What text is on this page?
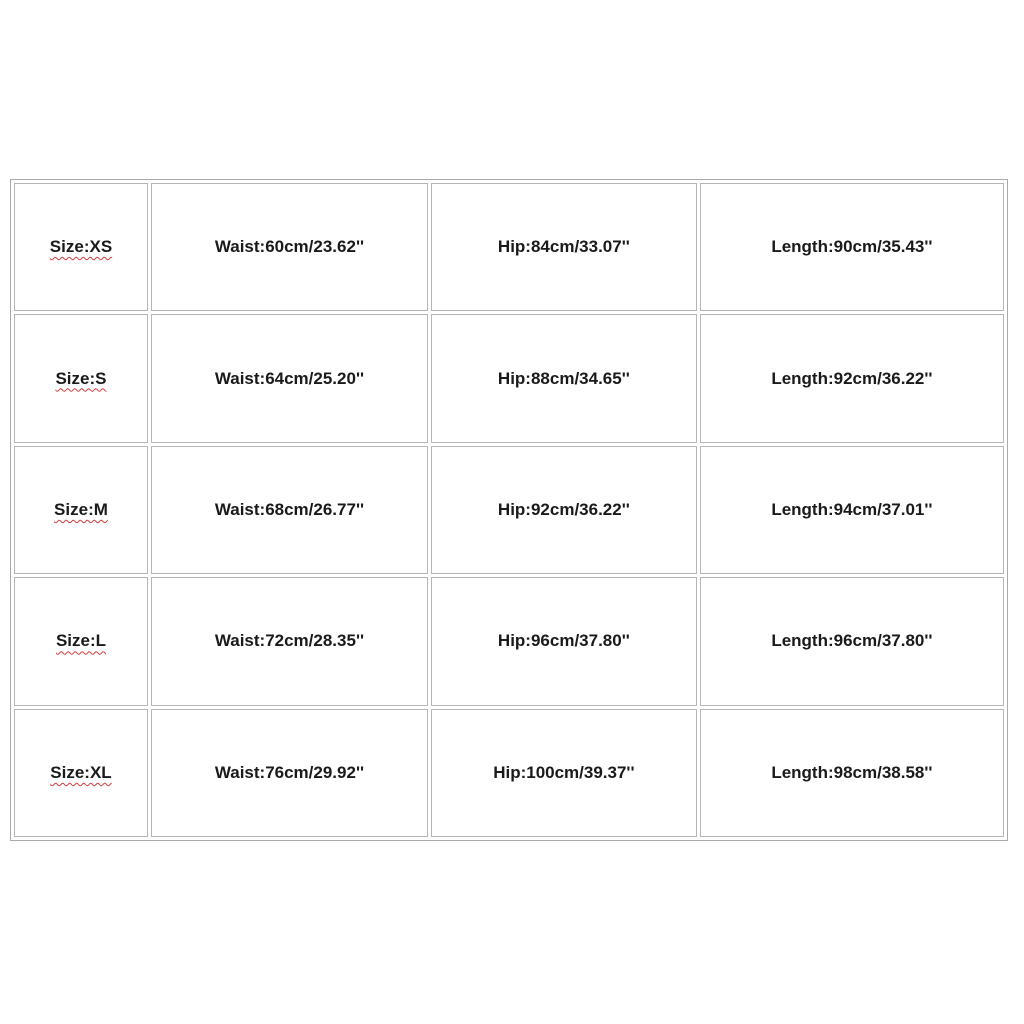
Size:XS	Waist:60cm/23.62''	Hip:84cm/33.07''	Length:90cm/35.43''
Size:S	Waist:64cm/25.20''	Hip:88cm/34.65''	Length:92cm/36.22''
Size:M	Waist:68cm/26.77''	Hip:92cm/36.22''	Length:94cm/37.01''
Size:L	Waist:72cm/28.35''	Hip:96cm/37.80''	Length:96cm/37.80''
Size:XL	Waist:76cm/29.92''	Hip:100cm/39.37''	Length:98cm/38.58''
